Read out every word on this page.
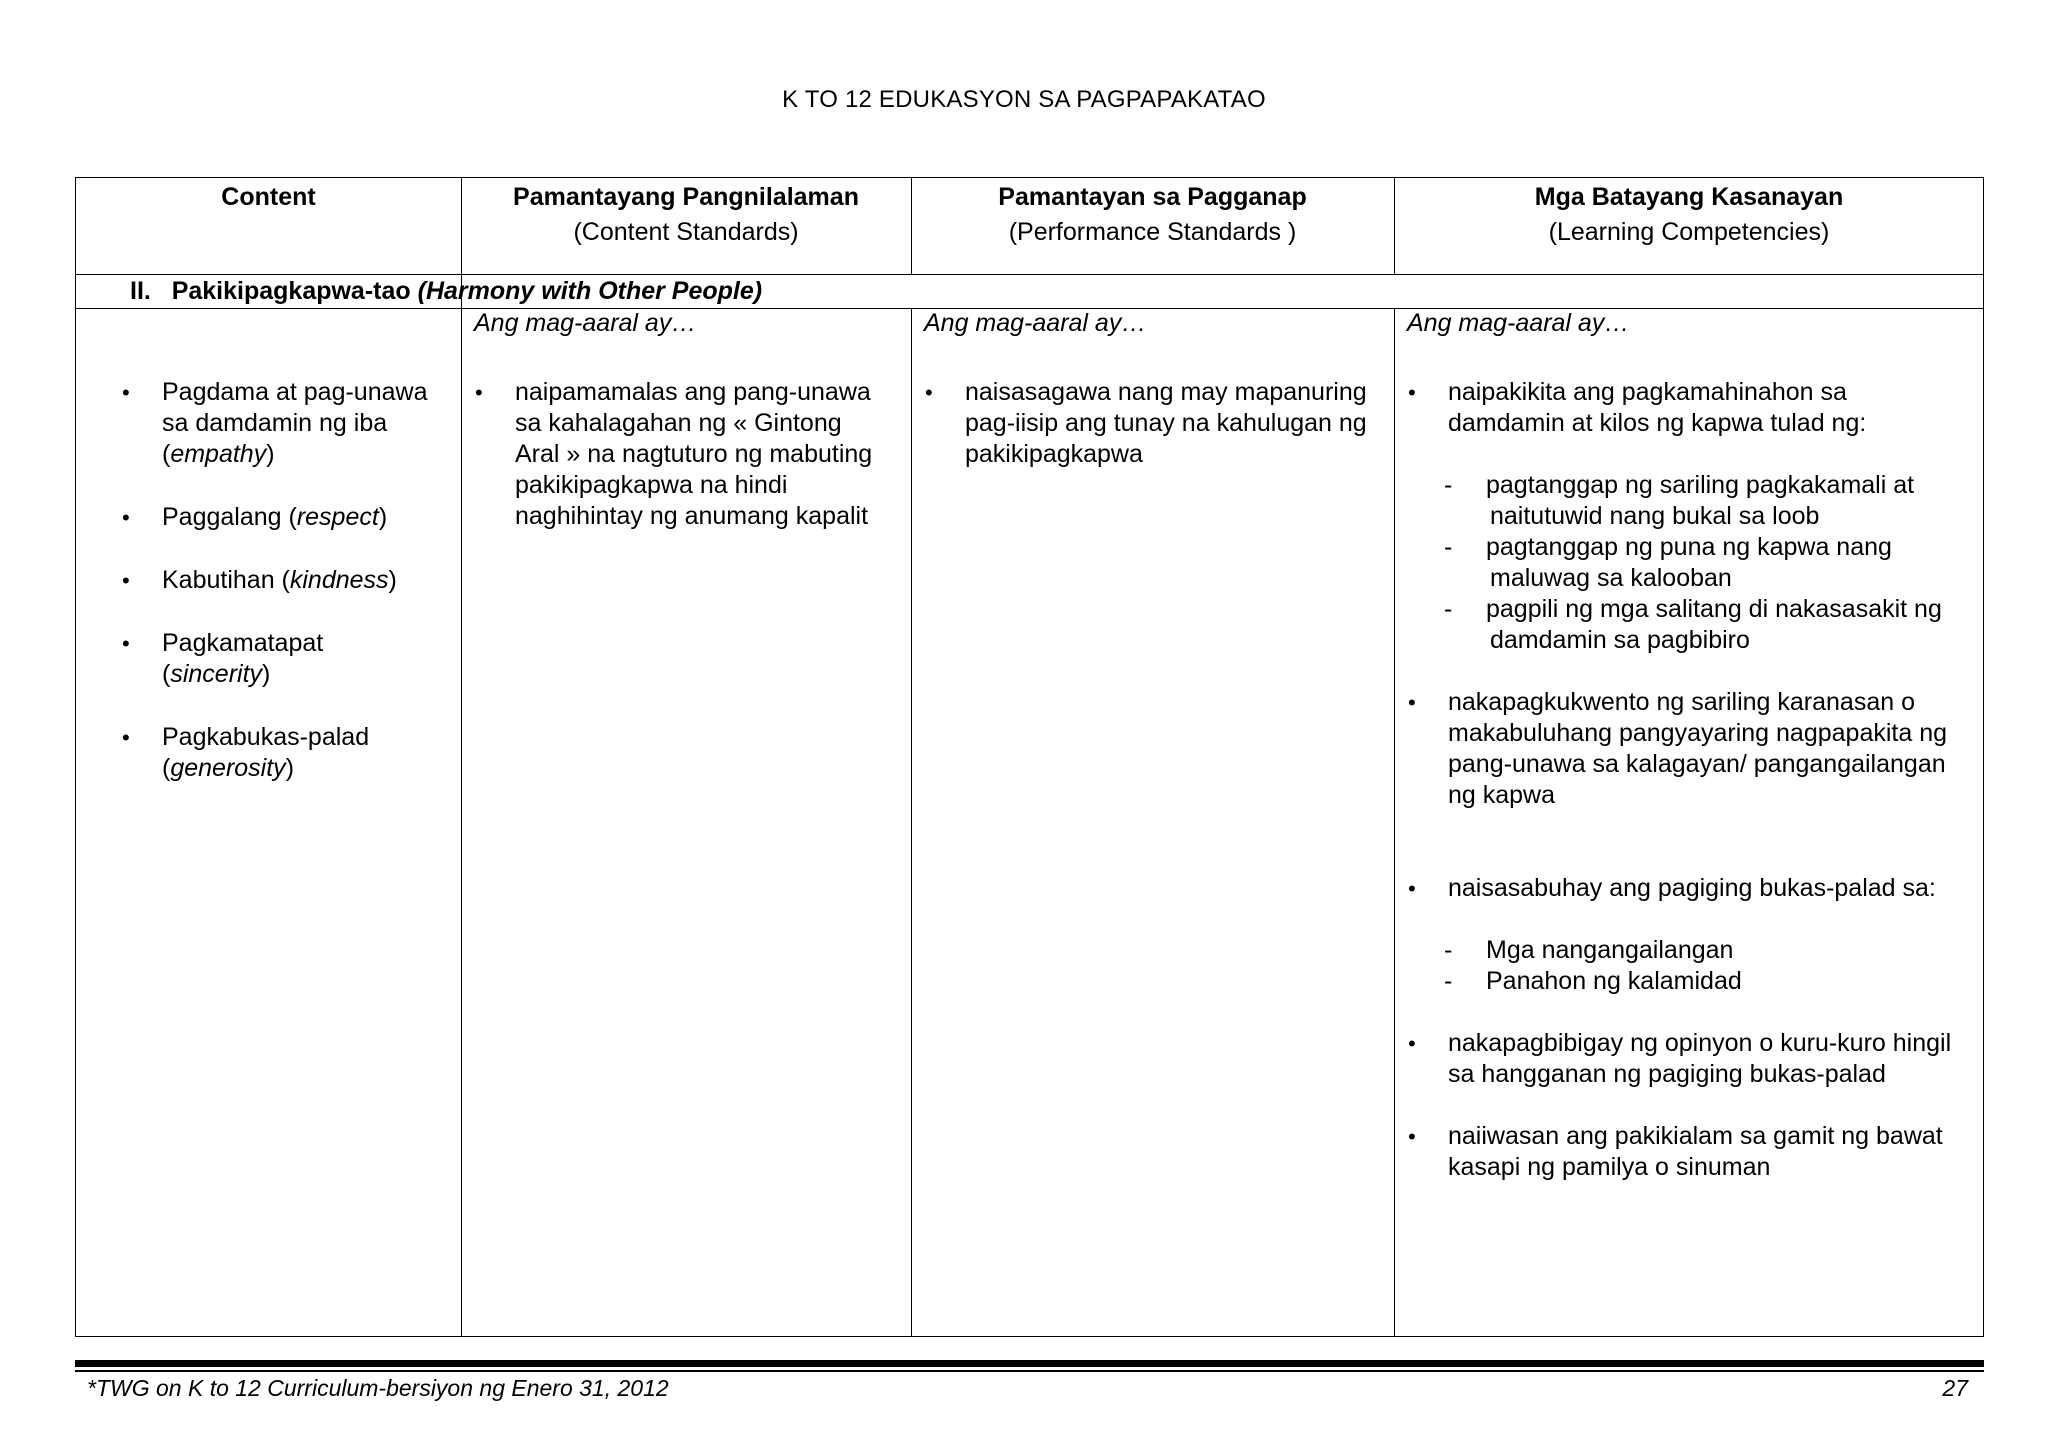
K TO 12 EDUKASYON SA PAGPAPAKATAO
Content	Pamantayang Pangnilalaman
(Content Standards)
Pamantayan sa Pagganap
(Performance Standards )
Mga Batayang Kasanayan
(Learning Competencies)
II. Pakikipagkapwa-tao (Harmony with Other People)
• Pagdama at pag-unawa sa damdamin ng iba (empathy)
• Paggalang (respect)
• Kabutihan (kindness)
• Pagkamatapat (sincerity)
• Pagkabukas-palad (generosity)
Ang mag-aaral ay…
• naipamamalas ang pang-unawa sa kahalagahan ng « Gintong Aral » na nagtuturo ng mabuting pakikipagkapwa na hindi naghihintay ng anumang kapalit
Ang mag-aaral ay…
• naisasagawa nang may mapanuring pag-iisip ang tunay na kahulugan ng pakikipagkapwa
Ang mag-aaral ay…
• naipakikita ang pagkamahinahon sa damdamin at kilos ng kapwa tulad ng:
- pagtanggap ng sariling pagkakamali at naitutuwid nang bukal sa loob
- pagtanggap ng puna ng kapwa nang maluwag sa kalooban
- pagpili ng mga salitang di nakasasakit ng damdamin sa pagbibiro
• nakapagkukwento ng sariling karanasan o makabuluhang pangyayaring nagpapakita ng pang-unawa sa kalagayan/ pangangailangan ng kapwa
• naisasabuhay ang pagiging bukas-palad sa:
- Mga nangangailangan
- Panahon ng kalamidad
• nakapagbibigay ng opinyon o kuru-kuro hingil sa hangganan ng pagiging bukas-palad
• naiiwasan ang pakikialam sa gamit ng bawat kasapi ng pamilya o sinuman
*TWG on K to 12 Curriculum-bersiyon ng Enero 31, 2012	27
